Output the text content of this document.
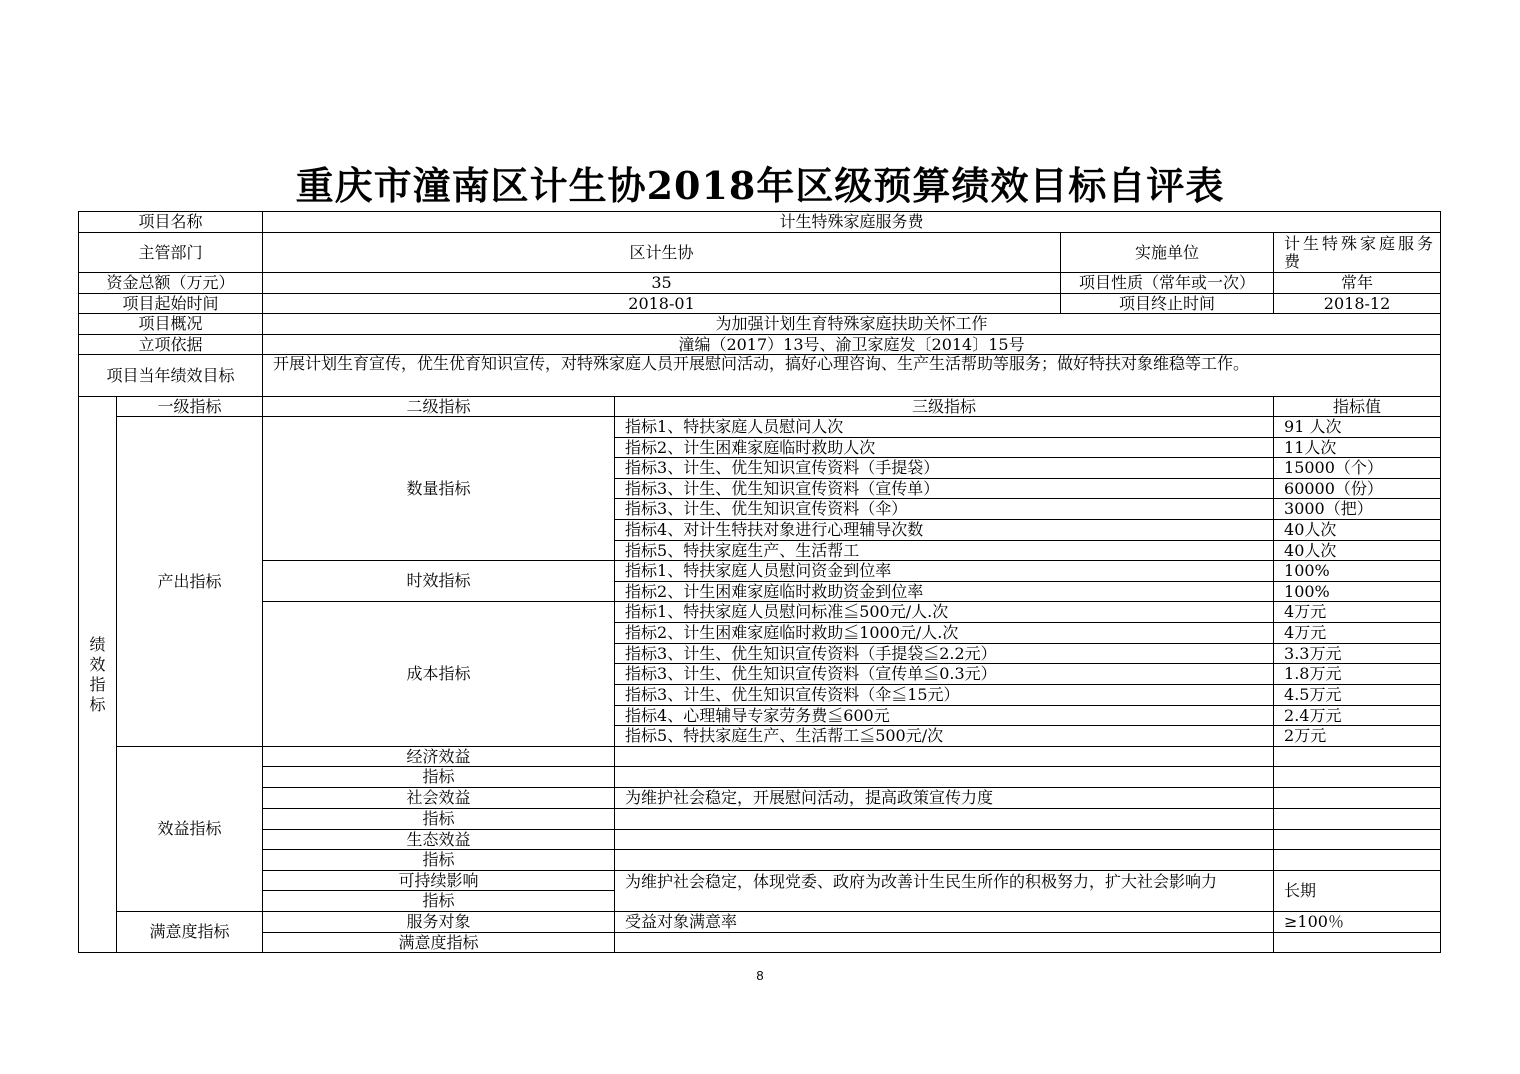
重庆市潼南区计生协2018年区级预算绩效目标自评表
项目名称		计生特殊家庭服务费			
主管部门		区计生协		实施单位	计生特殊家庭服务费
资金总额（万元）		35		项目性质（常年或一次）	常年
项目起始时间		2018-01		项目终止时间	2018-12
项目概况		为加强计划生育特殊家庭扶助关怀工作			
立项依据		潼编（2017）13号、渝卫家庭发〔2014〕15号			
项目当年绩效目标		开展计划生育宣传，优生优育知识宣传，对特殊家庭人员开展慰问活动，搞好心理咨询、生产生活帮助等服务；做好特扶对象维稳等工作。			

绩效指标	一级指标	二级指标	三级指标		指标值
	产出指标	数量指标	指标1、特扶家庭人员慰问人次		91 人次
			指标2、计生困难家庭临时救助人次		11人次
			指标3、计生、优生知识宣传资料（手提袋）		15000（个）
			指标3、计生、优生知识宣传资料（宣传单）		60000（份）
			指标3、计生、优生知识宣传资料（伞）		3000（把）
			指标4、对计生特扶对象进行心理辅导次数		40人次
			指标5、特扶家庭生产、生活帮工		40人次
		时效指标	指标1、特扶家庭人员慰问资金到位率		100%
			指标2、计生困难家庭临时救助资金到位率		100%
		成本指标	指标1、特扶家庭人员慰问标准≦500元/人.次		4万元
			指标2、计生困难家庭临时救助≦1000元/人.次		4万元
			指标3、计生、优生知识宣传资料（手提袋≦2.2元）		3.3万元
			指标3、计生、优生知识宣传资料（宣传单≦0.3元）		1.8万元
			指标3、计生、优生知识宣传资料（伞≦15元）		4.5万元
			指标4、心理辅导专家劳务费≦600元		2.4万元
			指标5、特扶家庭生产、生活帮工≦500元/次		2万元
	效益指标	经济效益			
		指标			
		社会效益	为维护社会稳定，开展慰问活动，提高政策宣传力度		
		指标			
		生态效益			
		指标			
		可持续影响	为维护社会稳定，体现党委、政府为改善计生民生所作的积极努力，扩大社会影响力		长期
		指标			
	满意度指标	服务对象	受益对象满意率		≥100％
		满意度指标			
8
